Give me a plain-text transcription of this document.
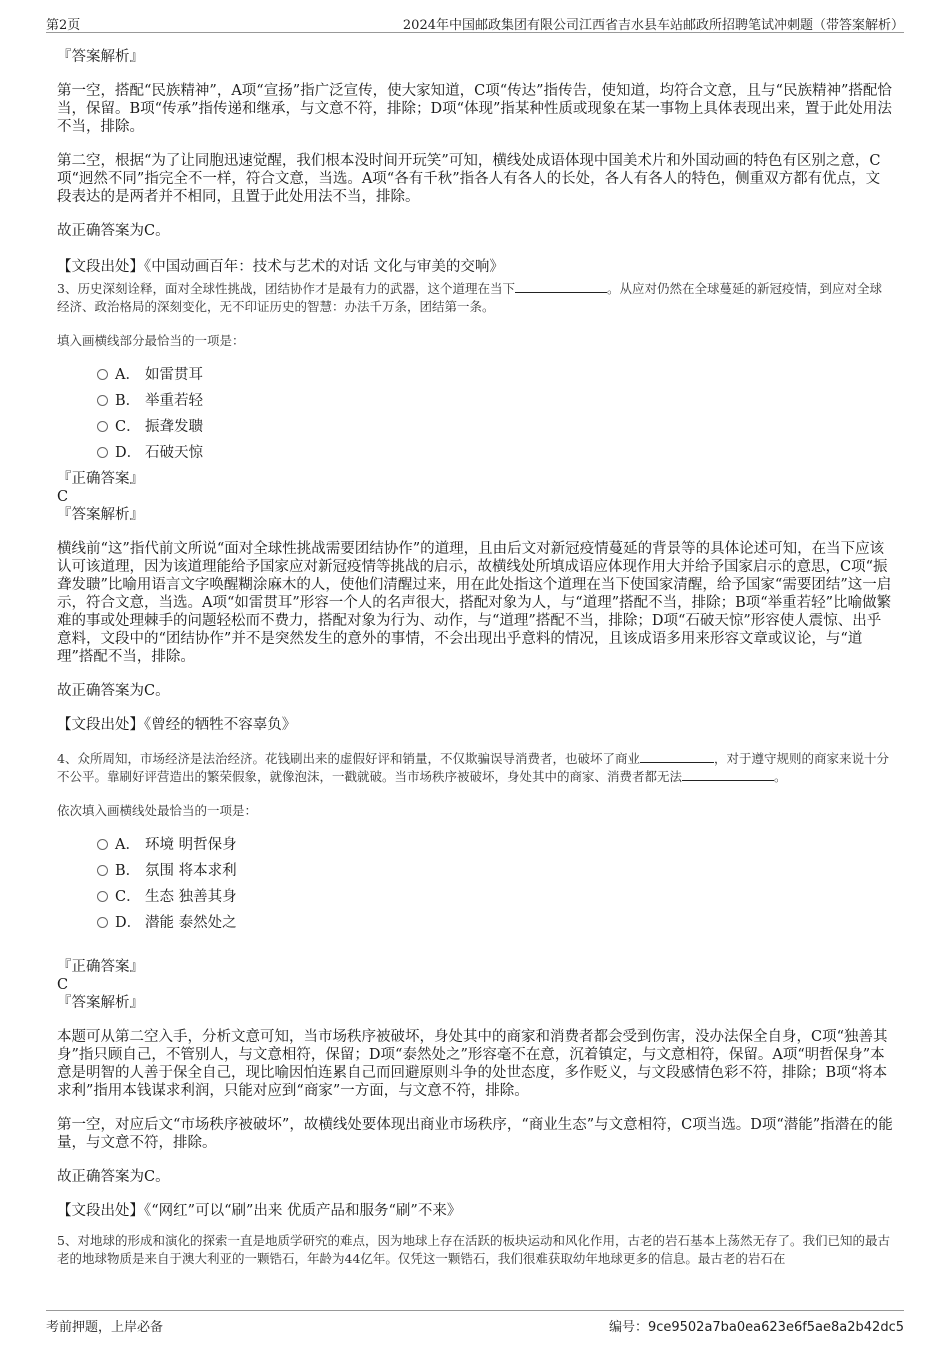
第2页	2024年中国邮政集团有限公司江西省吉水县车站邮政所招聘笔试冲刺题（带答案解析）

『答案解析』

第一空，搭配“民族精神”，A项“宣扬”指广泛宣传，使大家知道，C项“传达”指传告，使知道，均符合文意，且与“民族精神”搭配恰当，保留。B项“传承”指传递和继承，与文意不符，排除；D项“体现”指某种性质或现象在某一事物上具体表现出来，置于此处用法不当，排除。

第二空，根据“为了让同胞迅速觉醒，我们根本没时间开玩笑”可知，横线处成语体现中国美术片和外国动画的特色有区别之意，C项“迥然不同”指完全不一样，符合文意，当选。A项“各有千秋”指各人有各人的长处，各人有各人的特色，侧重双方都有优点，文段表达的是两者并不相同，且置于此处用法不当，排除。

故正确答案为C。

【文段出处】《中国动画百年：技术与艺术的对话 文化与审美的交响》

3、历史深刻诠释，面对全球性挑战，团结协作才是最有力的武器，这个道理在当下	。从应对仍然在全球蔓延的新冠疫情，到应对全球经济、政治格局的深刻变化，无不印证历史的智慧：办法千万条，团结第一条。

填入画横线部分最恰当的一项是：

A． 如雷贯耳
B． 举重若轻
C． 振聋发聩
D． 石破天惊

『正确答案』

C

『答案解析』

横线前“这”指代前文所说“面对全球性挑战需要团结协作”的道理，且由后文对新冠疫情蔓延的背景等的具体论述可知，在当下应该认可该道理，因为该道理能给予国家应对新冠疫情等挑战的启示，故横线处所填成语应体现作用大并给予国家启示的意思，C项“振聋发聩”比喻用语言文字唤醒糊涂麻木的人，使他们清醒过来，用在此处指这个道理在当下使国家清醒，给予国家“需要团结”这一启示，符合文意，当选。A项“如雷贯耳”形容一个人的名声很大，搭配对象为人，与“道理”搭配不当，排除；B项“举重若轻”比喻做繁难的事或处理棘手的问题轻松而不费力，搭配对象为行为、动作，与“道理”搭配不当，排除；D项“石破天惊”形容使人震惊、出乎意料，文段中的“团结协作”并不是突然发生的意外的事情，不会出现出乎意料的情况，且该成语多用来形容文章或议论，与“道理”搭配不当，排除。

故正确答案为C。

【文段出处】《曾经的牺牲不容辜负》

4、众所周知，市场经济是法治经济。花钱刷出来的虚假好评和销量，不仅欺骗误导消费者，也破坏了商业	，对于遵守规则的商家来说十分不公平。靠刷好评营造出的繁荣假象，就像泡沫，一戳就破。当市场秩序被破坏，身处其中的商家、消费者都无法	。

依次填入画横线处最恰当的一项是：

A． 环境 明哲保身
B． 氛围 将本求利
C． 生态 独善其身
D． 潜能 泰然处之

『正确答案』

C

『答案解析』

本题可从第二空入手，分析文意可知，当市场秩序被破坏，身处其中的商家和消费者都会受到伤害，没办法保全自身，C项“独善其身”指只顾自己，不管别人，与文意相符，保留；D项“泰然处之”形容毫不在意，沉着镇定，与文意相符，保留。A项“明哲保身”本意是明智的人善于保全自己，现比喻因怕连累自己而回避原则斗争的处世态度，多作贬义，与文段感情色彩不符，排除；B项“将本求利”指用本钱谋求利润，只能对应到“商家”一方面，与文意不符，排除。

第一空，对应后文“市场秩序被破坏”，故横线处要体现出商业市场秩序，“商业生态”与文意相符，C项当选。D项“潜能”指潜在的能量，与文意不符，排除。

故正确答案为C。

【文段出处】《“网红”可以“刷”出来 优质产品和服务“刷”不来》

5、对地球的形成和演化的探索一直是地质学研究的难点，因为地球上存在活跃的板块运动和风化作用，古老的岩石基本上荡然无存了。我们已知的最古老的地球物质是来自于澳大利亚的一颗锆石，年龄为44亿年。仅凭这一颗锆石，我们很难获取幼年地球更多的信息。最古老的岩石在

考前押题，上岸必备	编号：9ce9502a7ba0ea623e6f5ae8a2b42dc5
